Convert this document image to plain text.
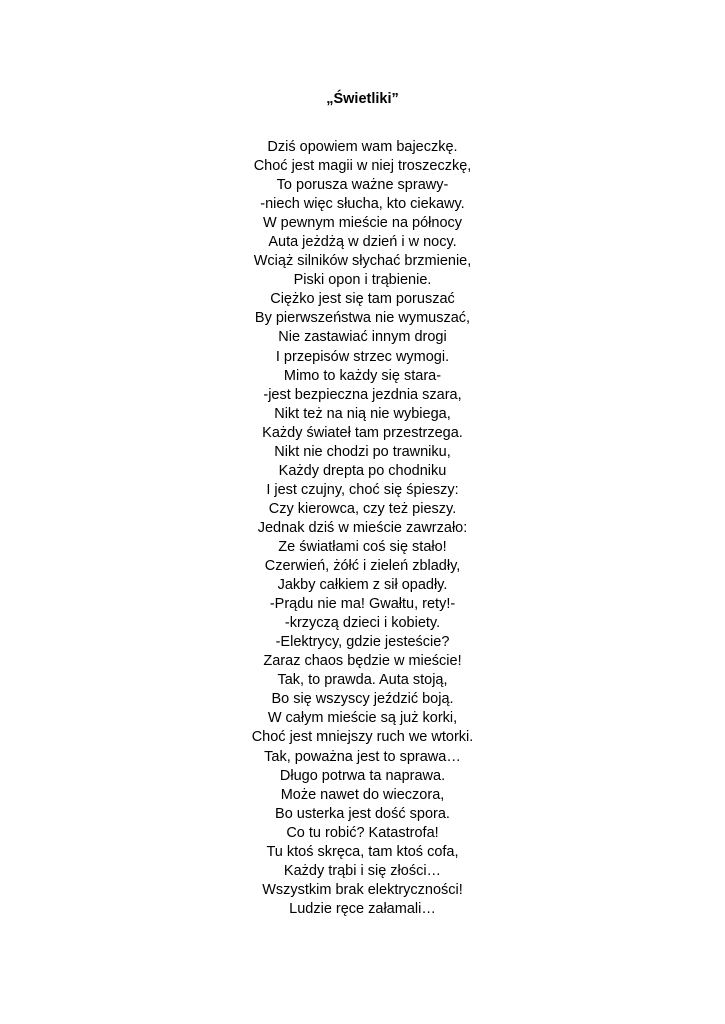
„Świetliki”
Dziś opowiem wam bajeczkę.
Choć jest magii w niej troszeczkę,
To porusza ważne sprawy-
-niech więc słucha, kto ciekawy.
W pewnym mieście na północy
Auta jeżdżą w dzień i w nocy.
Wciąż silników słychać brzmienie,
Piski opon i trąbienie.
Ciężko jest się tam poruszać
By pierwszeństwa nie wymuszać,
Nie zastawiać innym drogi
I przepisów strzec wymogi.
Mimo to każdy się stara-
-jest bezpieczna jezdnia szara,
Nikt też na nią nie wybiega,
Każdy świateł tam przestrzega.
Nikt nie chodzi po trawniku,
Każdy drepta po chodniku
I jest czujny, choć się śpieszy:
Czy kierowca, czy też pieszy.
Jednak dziś w mieście zawrzało:
Ze światłami coś się stało!
Czerwień, żółć i zieleń zbladły,
Jakby całkiem z sił opadły.
-Prądu nie ma! Gwałtu, rety!-
-krzyczą dzieci i kobiety.
-Elektrycy, gdzie jesteście?
Zaraz chaos będzie w mieście!
Tak, to prawda. Auta stoją,
Bo się wszyscy jeździć boją.
W całym mieście są już korki,
Choć jest mniejszy ruch we wtorki.
Tak, poważna jest to sprawa…
Długo potrwa ta naprawa.
Może nawet do wieczora,
Bo usterka jest dość spora.
Co tu robić? Katastrofa!
Tu ktoś skręca, tam ktoś cofa,
Każdy trąbi i się złości…
Wszystkim brak elektryczności!
Ludzie ręce załamali…
